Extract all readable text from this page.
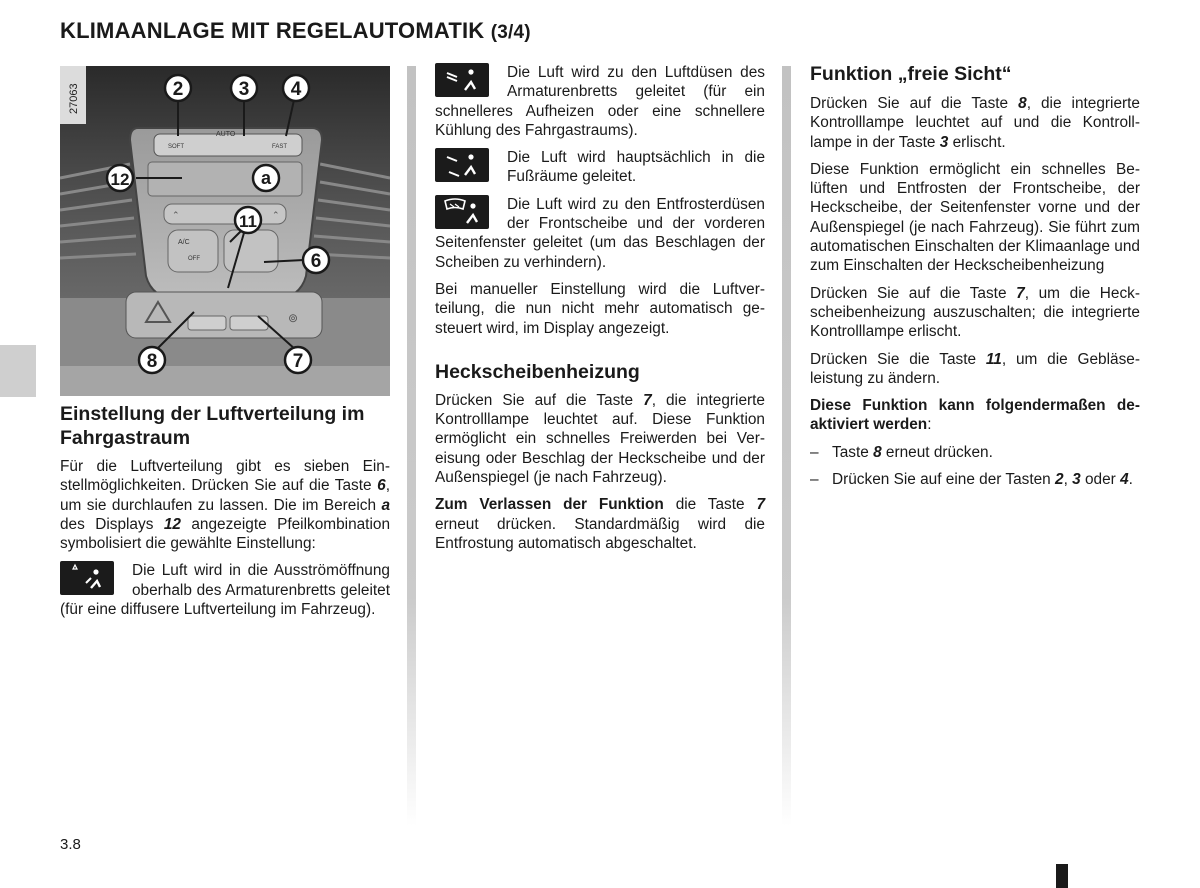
KLIMAANLAGE MIT REGELAUTOMATIK (3/4)
SOFT
AUTO
FAST
⌃	⌃
A/C
OFF
⊚
27063	2	3 4
12	a
11
6
8	7
Einstellung der Luftverteilung im Fahrgastraum

Für die Luftverteilung gibt es sieben Einstellmöglichkeiten. Drücken Sie auf die Taste 6, um sie durchlaufen zu lassen. Die im Bereich a des Displays 12 angezeigte Pfeilkombination symbolisiert die gewählte Einstellung:

Die Luft wird in die Ausströmöffnung oberhalb des Armaturenbretts geleitet (für eine diffusere Luftverteilung im Fahrzeug).
Die Luft wird zu den Luftdüsen des Armaturenbretts geleitet (für ein schnelleres Aufheizen oder eine schnellere Kühlung des Fahrgastraums).
Die Luft wird hauptsächlich in die Fußräume geleitet.
Die Luft wird zu den Entfrosterdüsen der Frontscheibe und der vorderen Seitenfenster geleitet (um das Beschlagen der Scheiben zu verhindern).

Bei manueller Einstellung wird die Luftverteilung, die nun nicht mehr automatisch gesteuert wird, im Display angezeigt.

Heckscheibenheizung

Drücken Sie auf die Taste 7, die integrierte Kontrolllampe leuchtet auf. Diese Funktion ermöglicht ein schnelles Freiwerden bei Vereisung oder Beschlag der Heckscheibe und der Außenspiegel (je nach Fahrzeug).

Zum Verlassen der Funktion die Taste 7 erneut drücken. Standardmäßig wird die Entfrostung automatisch abgeschaltet.

Funktion „freie Sicht“

Drücken Sie auf die Taste 8, die integrierte Kontrolllampe leuchtet auf und die Kontrolllampe in der Taste 3 erlischt.

Diese Funktion ermöglicht ein schnelles Belüften und Entfrosten der Frontscheibe, der Heckscheibe, der Seitenfenster vorne und der Außenspiegel (je nach Fahrzeug). Sie führt zum automatischen Einschalten der Klimaanlage und zum Einschalten der Heckscheibenheizung

Drücken Sie auf die Taste 7, um die Heckscheibenheizung auszuschalten; die integrierte Kontrolllampe erlischt.

Drücken Sie die Taste 11, um die Gebläseleistung zu ändern.

Diese Funktion kann folgendermaßen deaktiviert werden:

– Taste 8 erneut drücken.
– Drücken Sie auf eine der Tasten 2, 3 oder 4.
3.8
